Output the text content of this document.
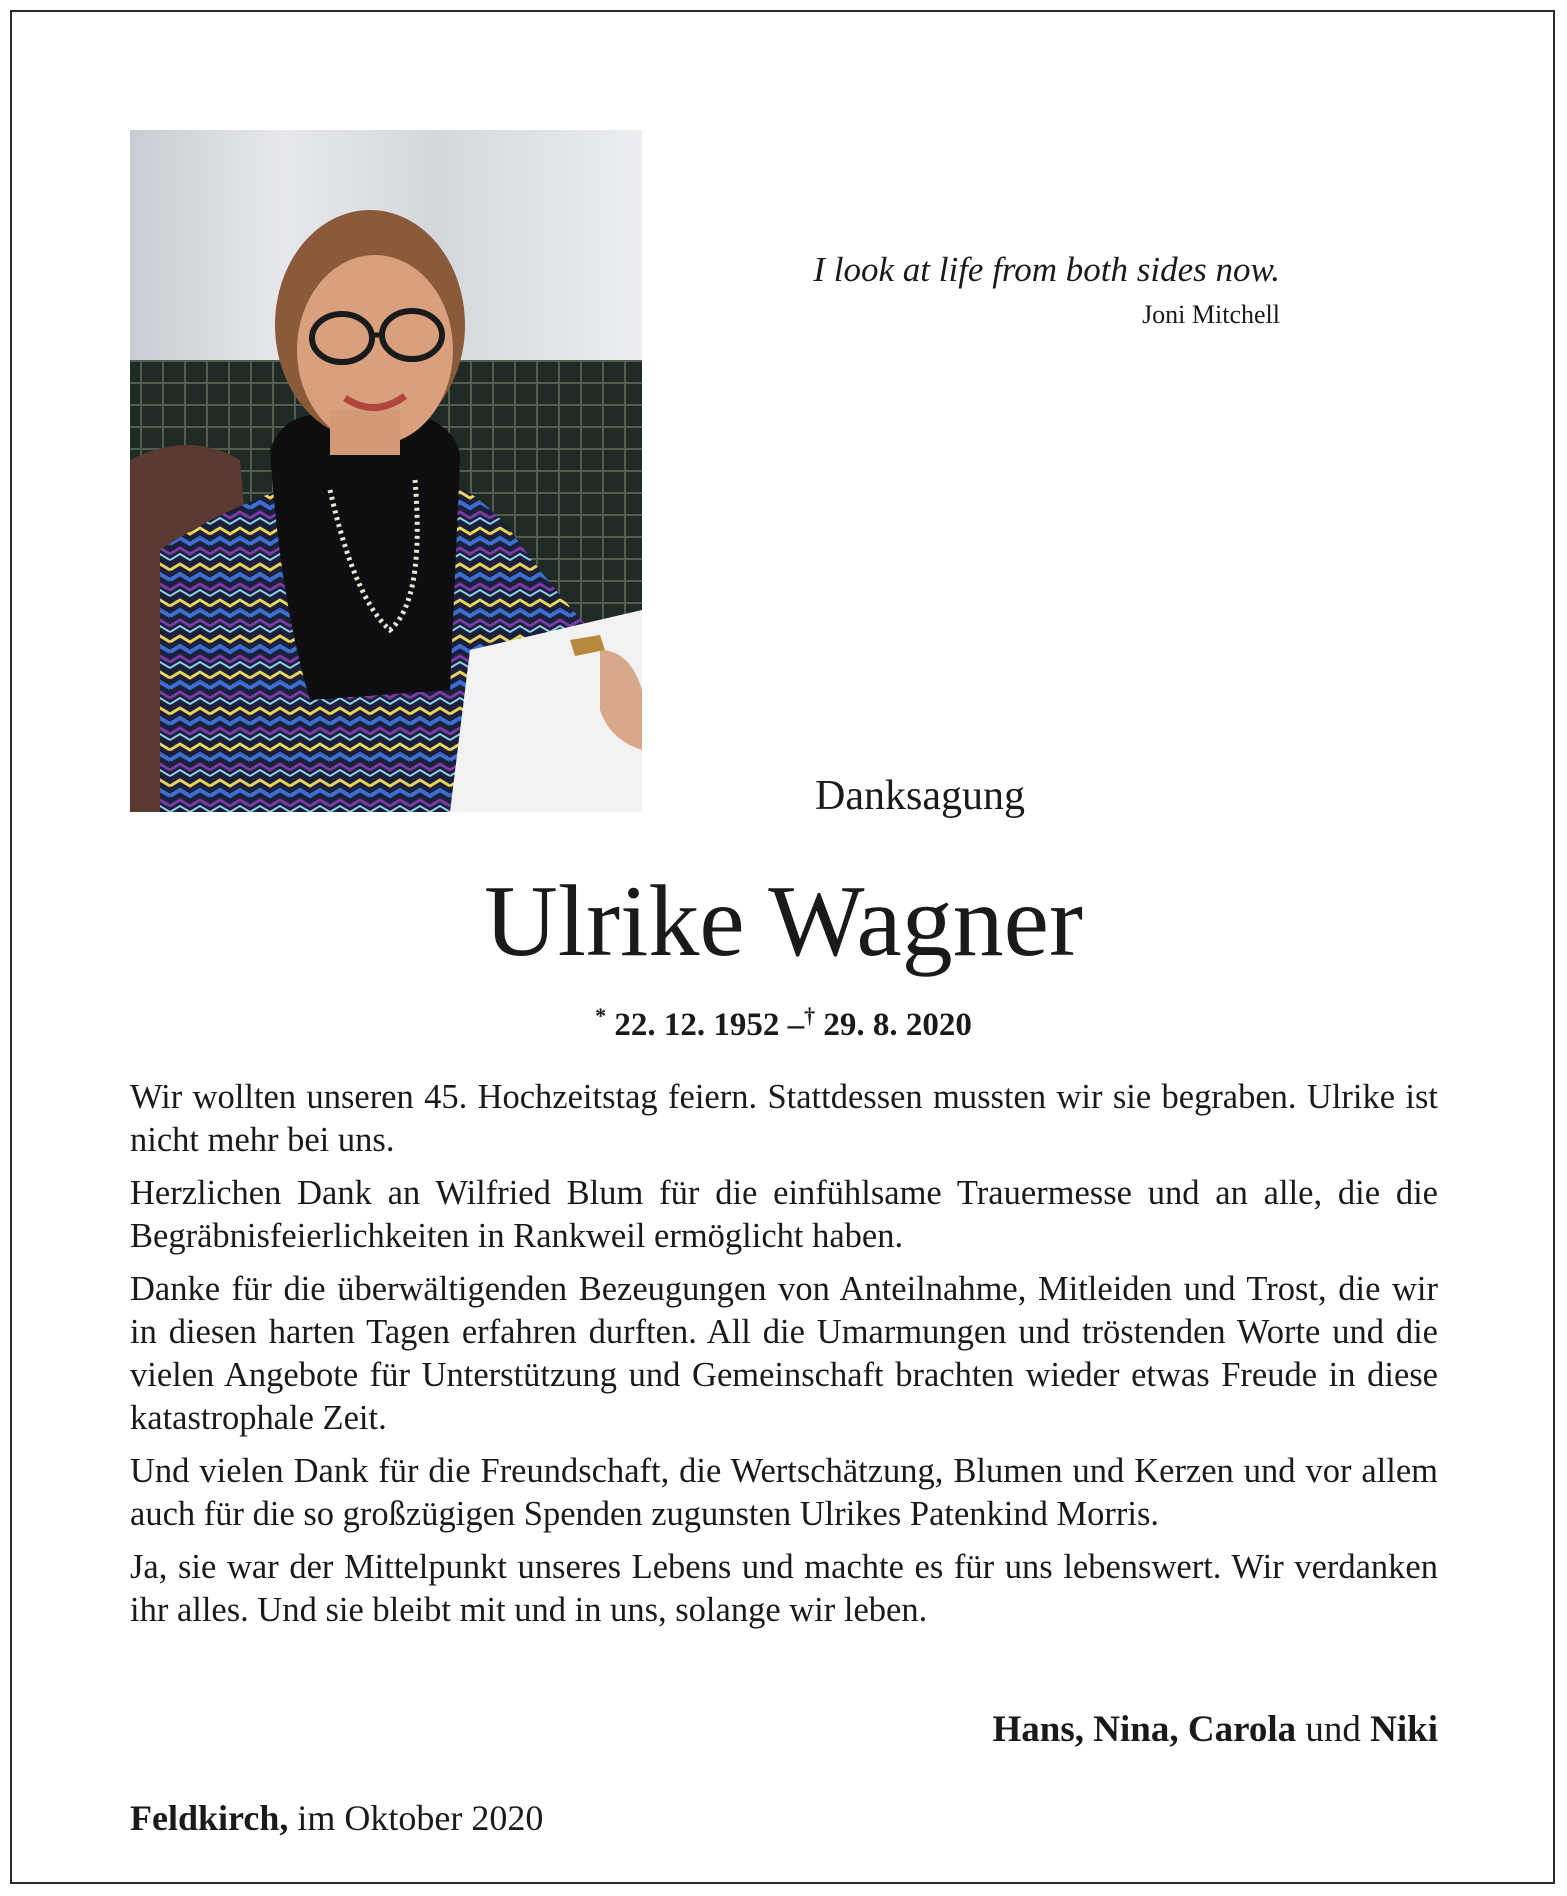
I look at life from both sides now.
Joni Mitchell
Danksagung
Ulrike Wagner
* 22. 12. 1952 –† 29. 8. 2020

Wir wollten unseren 45. Hochzeitstag feiern. Stattdessen mussten wir sie begraben. Ulrike ist nicht mehr bei uns.

Herzlichen Dank an Wilfried Blum für die einfühlsame Trauermesse und an alle, die die Begräbnisfeierlichkeiten in Rankweil ermöglicht haben.

Danke für die überwältigenden Bezeugungen von Anteilnahme, Mitleiden und Trost, die wir in diesen harten Tagen erfahren durften. All die Umarmungen und tröstenden Worte und die vielen Angebote für Unterstützung und Gemeinschaft brachten wieder etwas Freude in diese katastrophale Zeit.

Und vielen Dank für die Freundschaft, die Wertschätzung, Blumen und Kerzen und vor allem auch für die so großzügigen Spenden zugunsten Ulrikes Patenkind Morris.

Ja, sie war der Mittelpunkt unseres Lebens und machte es für uns lebenswert. Wir verdanken ihr alles. Und sie bleibt mit und in uns, solange wir leben.

Hans, Nina, Carola und Niki
Feldkirch, im Oktober 2020
